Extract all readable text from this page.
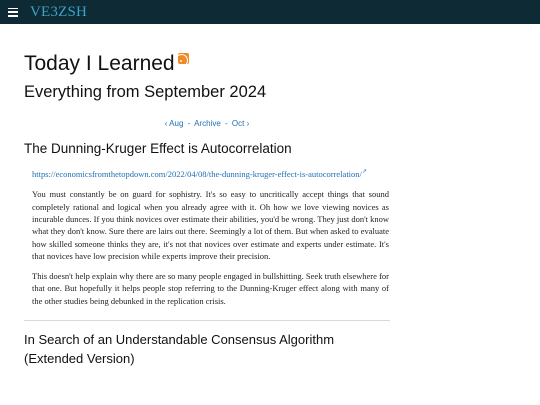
VE3ZSH
Today I Learned
Everything from September 2024
‹ Aug - Archive - Oct ›
The Dunning-Kruger Effect is Autocorrelation
https://economicsfromthetopdown.com/2022/04/08/the-dunning-kruger-effect-is-autocorrelation/↗

You must constantly be on guard for sophistry. It's so easy to uncritically accept things that sound completely rational and logical when you already agree with it. Oh how we love viewing novices as incurable dunces. If you think novices over estimate their abilities, you'd be wrong. They just don't know what they don't know. Sure there are lairs out there. Seemingly a lot of them. But when asked to evaluate how skilled someone thinks they are, it's not that novices over estimate and experts under estimate. It's that novices have low precision while experts improve their precision.

This doesn't help explain why there are so many people engaged in bullshitting. Seek truth elsewhere for that one. But hopefully it helps people stop referring to the Dunning-Kruger effect along with many of the other studies being debunked in the replication crisis.

In Search of an Understandable Consensus Algorithm (Extended Version)
